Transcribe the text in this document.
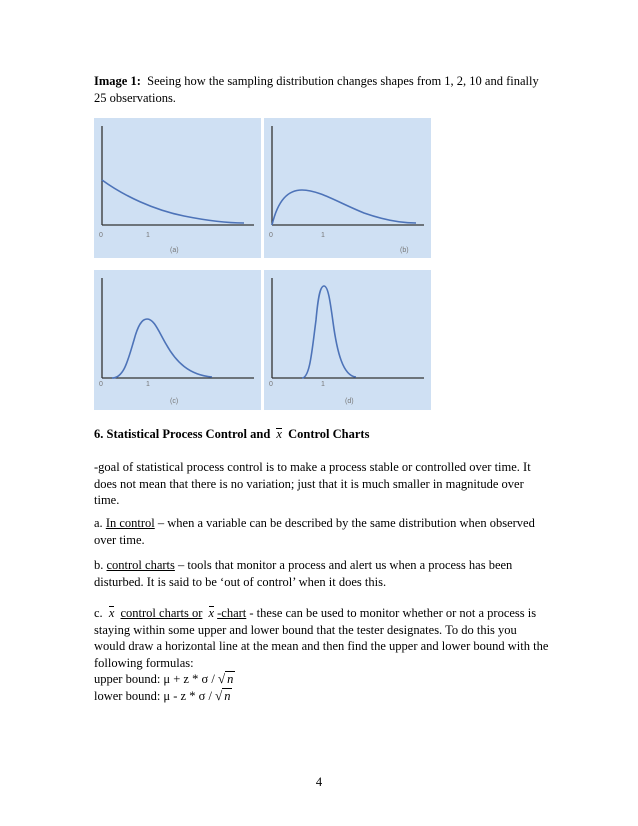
Image 1: Seeing how the sampling distribution changes shapes from 1, 2, 10 and finally 25 observations.
0	1
(a)
0	1
(b)
0	1
(c)
0	1
(d)
6. Statistical Process Control and x Control Charts
-goal of statistical process control is to make a process stable or controlled over time. It does not mean that there is no variation; just that it is much smaller in magnitude over time.
a. In control – when a variable can be described by the same distribution when observed over time.
b. control charts – tools that monitor a process and alert us when a process has been disturbed. It is said to be ‘out of control’ when it does this.
c. x control charts or x -chart - these can be used to monitor whether or not a process is staying within some upper and lower bound that the tester designates. To do this you would draw a horizontal line at the mean and then find the upper and lower bound with the following formulas:
upper bound: μ + z * σ / √ n
lower bound: μ - z * σ / √ n
4
